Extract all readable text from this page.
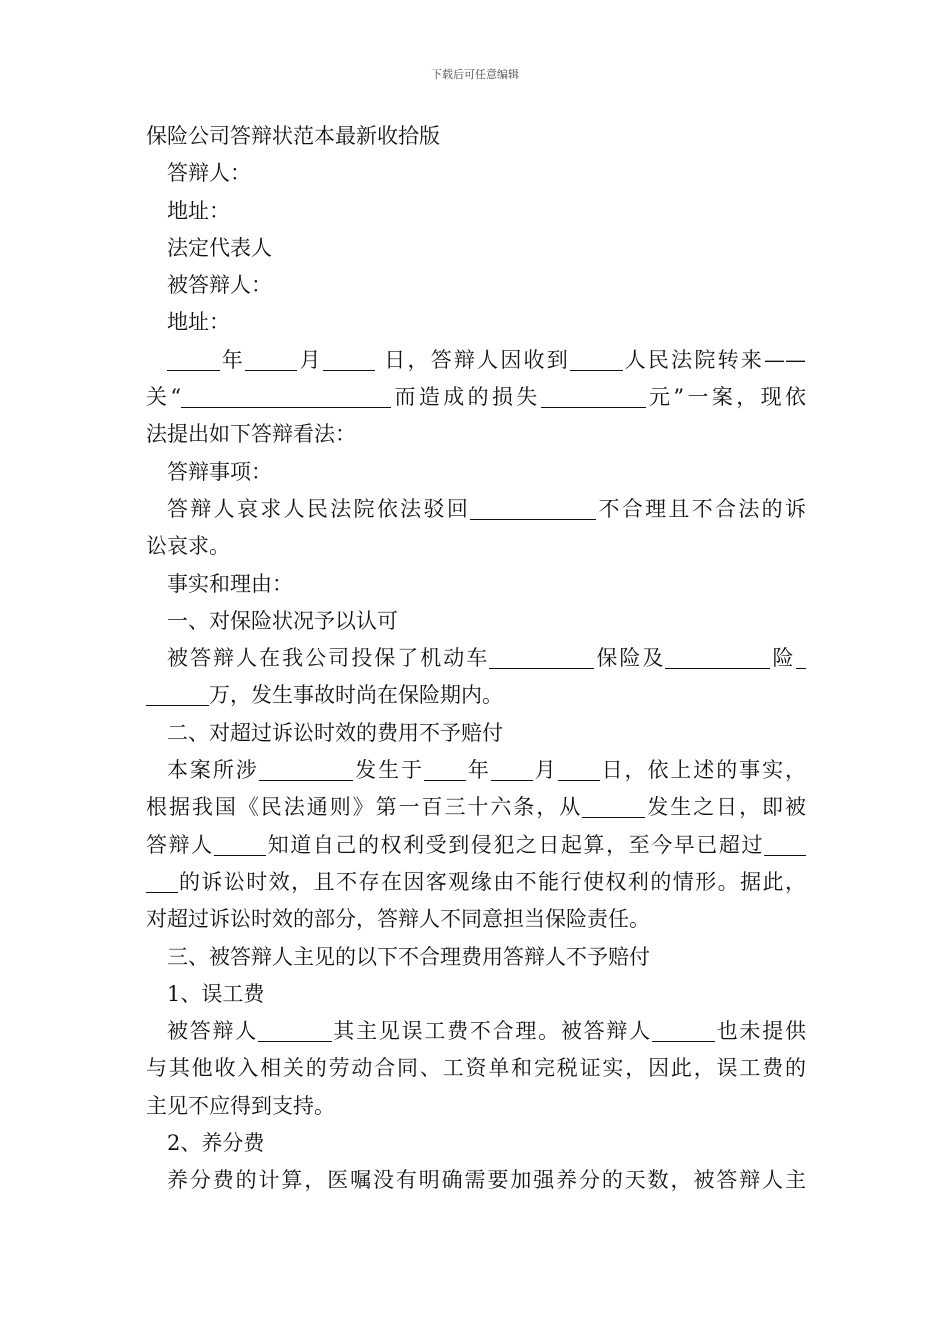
下载后可任意编辑
保险公司答辩状范本最新收拾版
答辩人：
地址：
法定代表人
被答辩人：
地址：
年	月	日，答辩人因收到	人民法院转来——
关“	而造成的损失	元”一案，现依
法提出如下答辩看法：
答辩事项：
答辩人哀求人民法院依法驳回	不合理且不合法的诉
讼哀求。
事实和理由：
一、对保险状况予以认可
被答辩人在我公司投保了机动车	保险及	险
万，发生事故时尚在保险期内。
二、对超过诉讼时效的费用不予赔付
本案所涉	发生于 年 月 日，依上述的事实，
根据我国《民法通则》第一百三十六条，从	发生之日，即被
答辩人	知道自己的权利受到侵犯之日起算，至今早已超过
的诉讼时效，且不存在因客观缘由不能行使权利的情形。据此，
对超过诉讼时效的部分，答辩人不同意担当保险责任。
三、被答辩人主见的以下不合理费用答辩人不予赔付
1、误工费
被答辩人	其主见误工费不合理。被答辩人	也未提供
与其他收入相关的劳动合同、工资单和完税证实，因此，误工费的
主见不应得到支持。
2、养分费
养分费的计算，医嘱没有明确需要加强养分的天数，被答辩人主
